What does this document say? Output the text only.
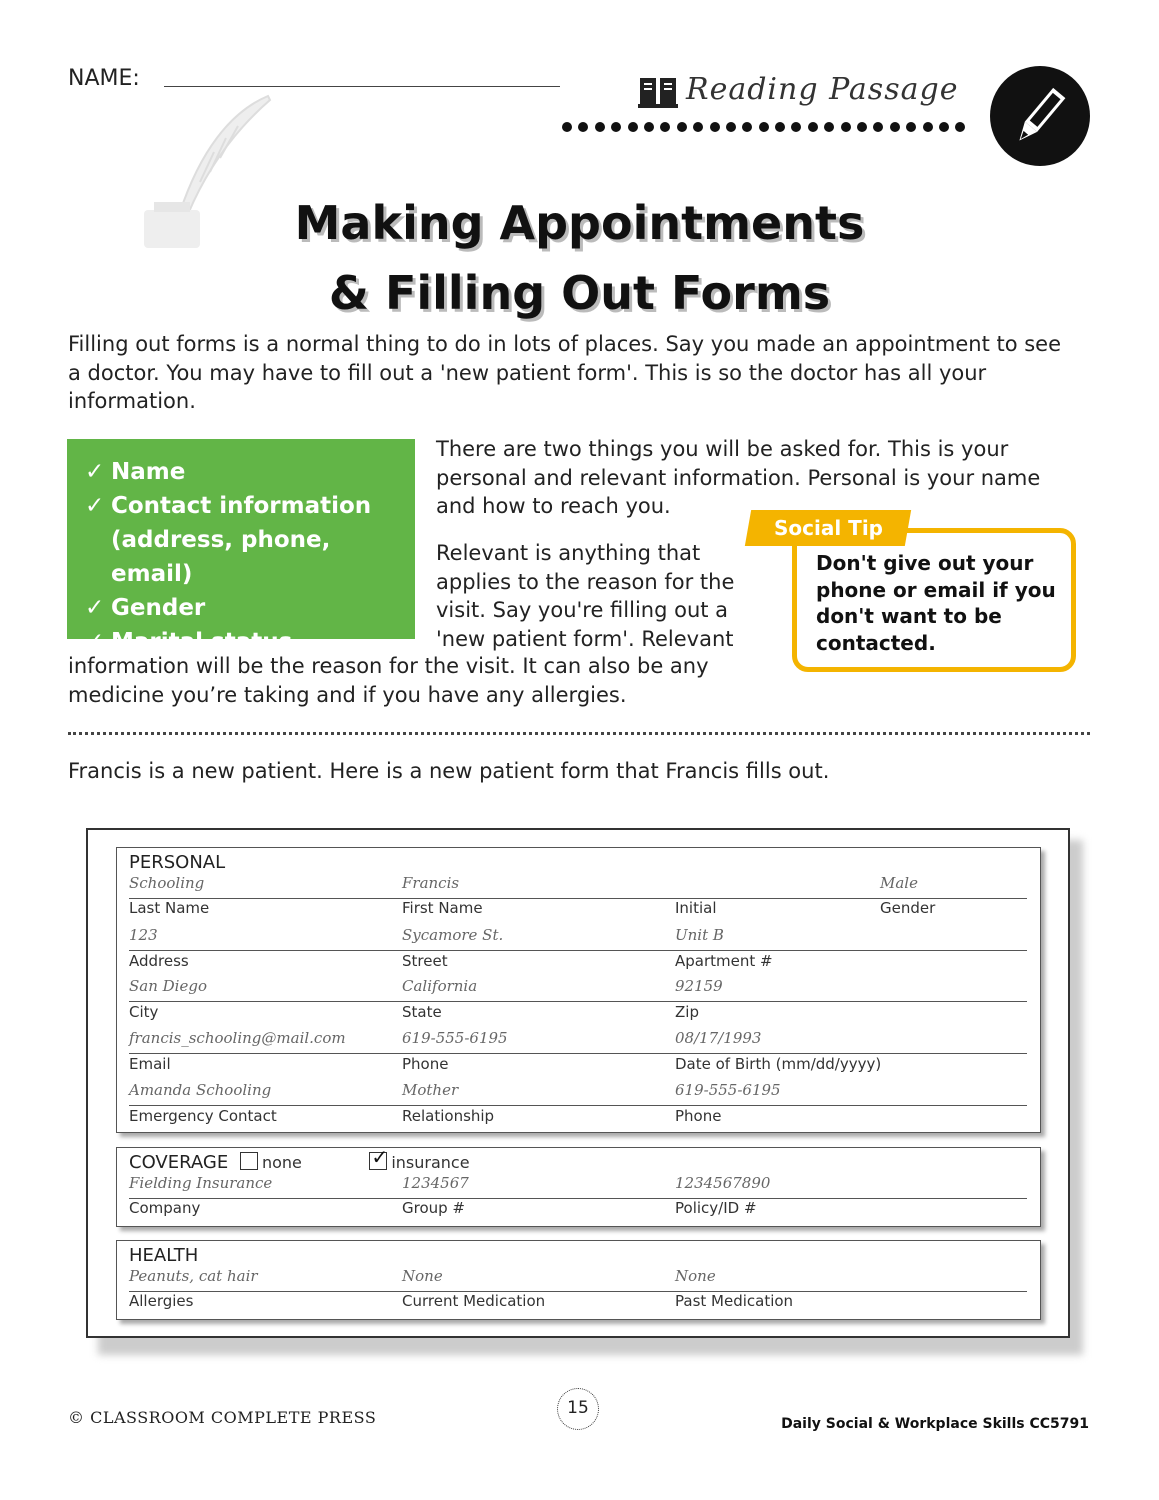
NAME:	Reading Passage
Making Appointments
& Filling Out Forms
Filling out forms is a normal thing to do in lots of places. Say you made an appointment to see a doctor. You may have to fill out a 'new patient form'. This is so the doctor has all your information.
✓ Name
✓ Contact information
(address, phone, email)
✓ Gender
✓ Marital status
There are two things you will be asked for. This is your personal and relevant information. Personal is your name and how to reach you.
Relevant is anything that applies to the reason for the visit. Say you're filling out a 'new patient form'. Relevant
information will be the reason for the visit. It can also be any medicine you’re taking and if you have any allergies.
Social Tip
Don't give out your phone or email if you don't want to be contacted.
Francis is a new patient. Here is a new patient form that Francis fills out.
PERSONAL
Schooling	Francis	Male
Last Name	First Name	Initial	Gender
123	Sycamore St.	Unit B
Address	Street	Apartment #
San Diego	California	92159
City	State	Zip
francis_schooling@mail.com	619-555-6195	08/17/1993
Email	Phone	Date of Birth (mm/dd/yyyy)
Amanda Schooling	Mother	619-555-6195
Emergency Contact	Relationship	Phone
COVERAGE none  ✓	insurance
Fielding Insurance	1234567	1234567890
Company	Group #	Policy/ID #
HEALTH
Peanuts, cat hair	None	None
Allergies	Current Medication	Past Medication
© CLASSROOM COMPLETE PRESS	15
Daily Social & Workplace Skills CC5791
